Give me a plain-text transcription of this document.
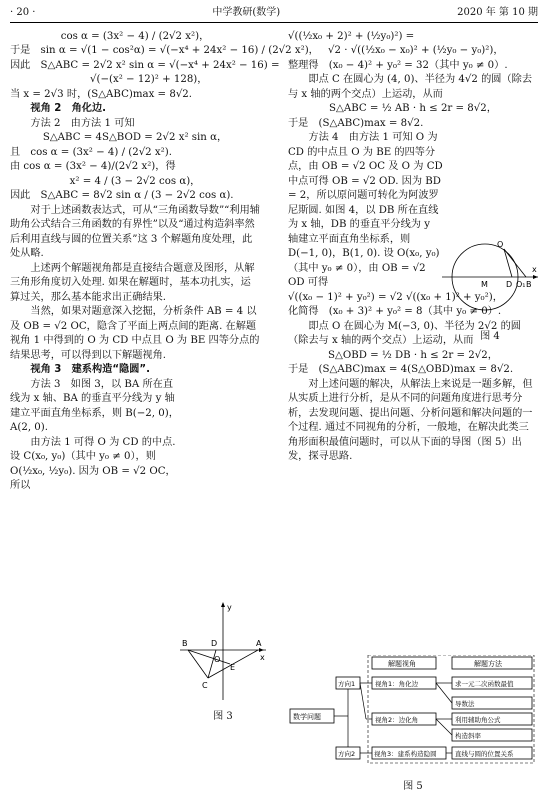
· 20 ·	中学教研(数学)	2020 年 第 10 期
cos α = (3x² − 4) / (2√2 x²)，
于是　sin α = √(1 − cos²α) = √(−x⁴ + 24x² − 16) / (2√2 x²)，
因此　S△ABC = 2√2 x² sin α = √(−x⁴ + 24x² − 16) =
√(−(x² − 12)² + 128)，
当 x = 2√3 时，(S△ABC)max = 8√2.
视角 2　角化边.
方法 2　由方法 1 可知
S△ABC = 4S△BOD = 2√2 x² sin α，
且　cos α = (3x² − 4) / (2√2 x²).
由 cos α = (3x² − 4)/(2√2 x²)，得
x² = 4 / (3 − 2√2 cos α)，
因此　S△ABC = 8√2 sin α / (3 − 2√2 cos α).
对于上述函数表达式，可从“三角函数导数”“利用辅助角公式结合三角函数的有界性”以及“通过构造斜率然后利用直线与圆的位置关系”这 3 个解题角度处理，此处从略.
上述两个解题视角都是直接结合题意及图形，从解三角形角度切入处理. 如果在解题时，基本功扎实，运算过关，那么基本能求出正确结果.
当然，如果对题意深入挖掘，分析条件 AB = 4 以及 OB = √2 OC，隐含了平面上两点间的距离. 在解题视角 1 中得到的 O 为 CD 中点且 O 为 BE 四等分点的结果思考，可以得到以下解题视角.
视角 3　建系构造“隐圆”.
方法 3　如图 3，以 BA 所在直线为 x 轴、BA 的垂直平分线为 y 轴建立平面直角坐标系，则 B(−2, 0)，A(2, 0).
由方法 1 可得 O 为 CD 的中点. 设 C(x₀, y₀)（其中 y₀ ≠ 0），则 O(½x₀, ½y₀). 因为 OB = √2 OC，所以
B	D
O
A
C
E
y
x
图 3
√((½x₀ + 2)² + (½y₀)²) =
√2 · √((½x₀ − x₀)² + (½y₀ − y₀)²)，
整理得　(x₀ − 4)² + y₀² = 32（其中 y₀ ≠ 0）.
即点 C 在圆心为 (4, 0)、半径为 4√2 的圆（除去与 x 轴的两个交点）上运动，从而
S△ABC = ½ AB · h ≤ 2r = 8√2，
于是　(S△ABC)max = 8√2.
方法 4　由方法 1 可知 O 为 CD 的中点且 O 为 BE 的四等分点，由 OB = √2 OC 及 O 为 CD 中点可得 OB = √2 OD. 因为 BD = 2，所以原问题可转化为阿波罗尼斯圆. 如图 4，以 DB 所在直线为 x 轴，DB 的垂直平分线为 y 轴建立平面直角坐标系，则 D(−1, 0)，B(1, 0). 设 O(x₀, y₀)（其中 y₀ ≠ 0），由 OB = √2 OD 可得
√((x₀ − 1)² + y₀²) = √2 √((x₀ + 1)² + y₀²)，
化简得　(x₀ + 3)² + y₀² = 8（其中 y₀ ≠ 0）.
即点 O 在圆心为 M(−3, 0)、半径为 2√2 的圆（除去与 x 轴的两个交点）上运动，从而
S△OBD = ½ DB · h ≤ 2r = 2√2，
于是　(S△ABC)max = 4(S△OBD)max = 8√2.
对上述问题的解决，从解法上来说是一题多解，但从实质上进行分析，是从不同的问题角度进行思考分析，去发现问题、提出问题、分析问题和解决问题的一个过程. 通过不同视角的分析，一般地，在解决此类三角形面积最值问题时，可以从下面的导图（图 5）出发，探寻思路.
O
M D O₁ B
x
图 4
数学问题
方向1
方向2
解题视角	解题方法
视角1：角化边
视角2：边化角
视角3：建系构造隐圆
求一元二次函数最值
导数法
利用辅助角公式
构造斜率
直线与圆的位置关系
图 5
